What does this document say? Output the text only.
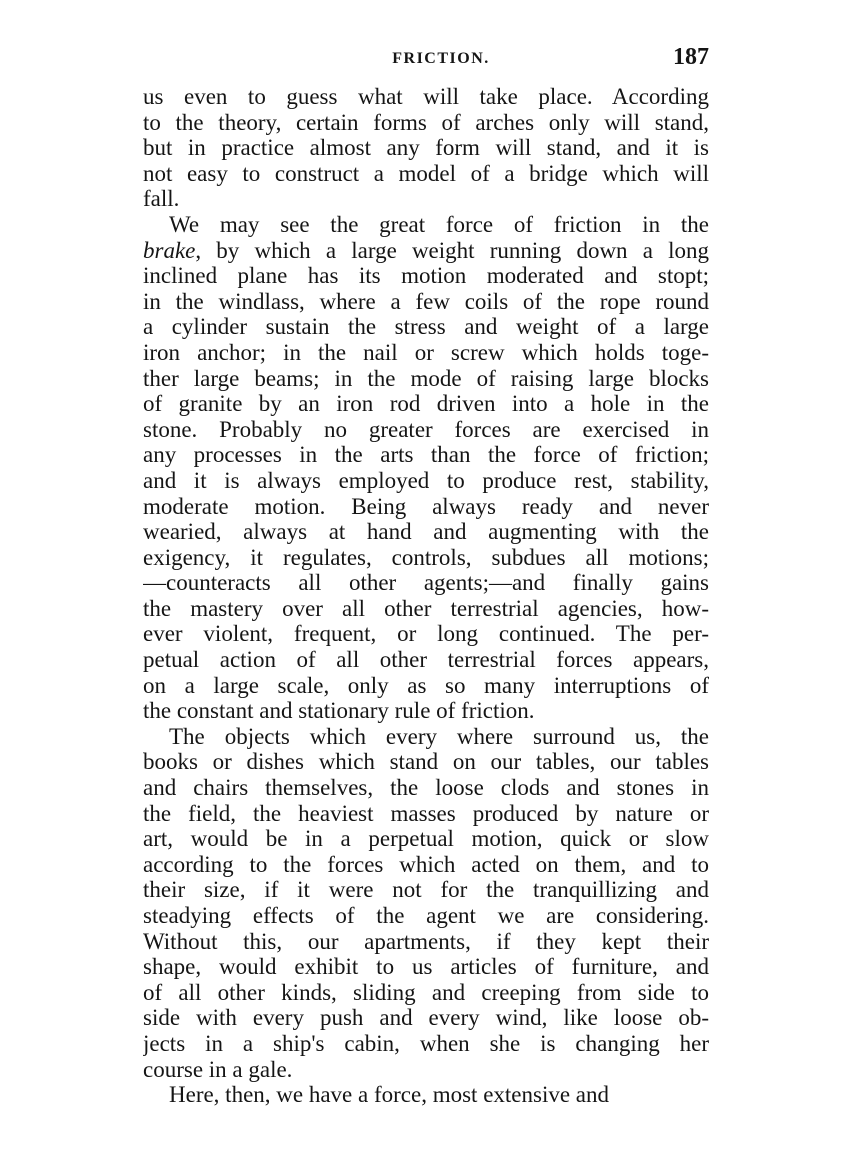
FRICTION.	187
us even to guess what will take place. According
to the theory, certain forms of arches only will stand,
but in practice almost any form will stand, and it is
not easy to construct a model of a bridge which will
fall.
We may see the great force of friction in the
brake, by which a large weight running down a long
inclined plane has its motion moderated and stopt;
in the windlass, where a few coils of the rope round
a cylinder sustain the stress and weight of a large
iron anchor; in the nail or screw which holds toge-
ther large beams; in the mode of raising large blocks
of granite by an iron rod driven into a hole in the
stone. Probably no greater forces are exercised in
any processes in the arts than the force of friction;
and it is always employed to produce rest, stability,
moderate motion. Being always ready and never
wearied, always at hand and augmenting with the
exigency, it regulates, controls, subdues all motions;
—counteracts all other agents;—and finally gains
the mastery over all other terrestrial agencies, how-
ever violent, frequent, or long continued. The per-
petual action of all other terrestrial forces appears,
on a large scale, only as so many interruptions of
the constant and stationary rule of friction.
The objects which every where surround us, the
books or dishes which stand on our tables, our tables
and chairs themselves, the loose clods and stones in
the field, the heaviest masses produced by nature or
art, would be in a perpetual motion, quick or slow
according to the forces which acted on them, and to
their size, if it were not for the tranquillizing and
steadying effects of the agent we are considering.
Without this, our apartments, if they kept their
shape, would exhibit to us articles of furniture, and
of all other kinds, sliding and creeping from side to
side with every push and every wind, like loose ob-
jects in a ship's cabin, when she is changing her
course in a gale.
Here, then, we have a force, most extensive and
